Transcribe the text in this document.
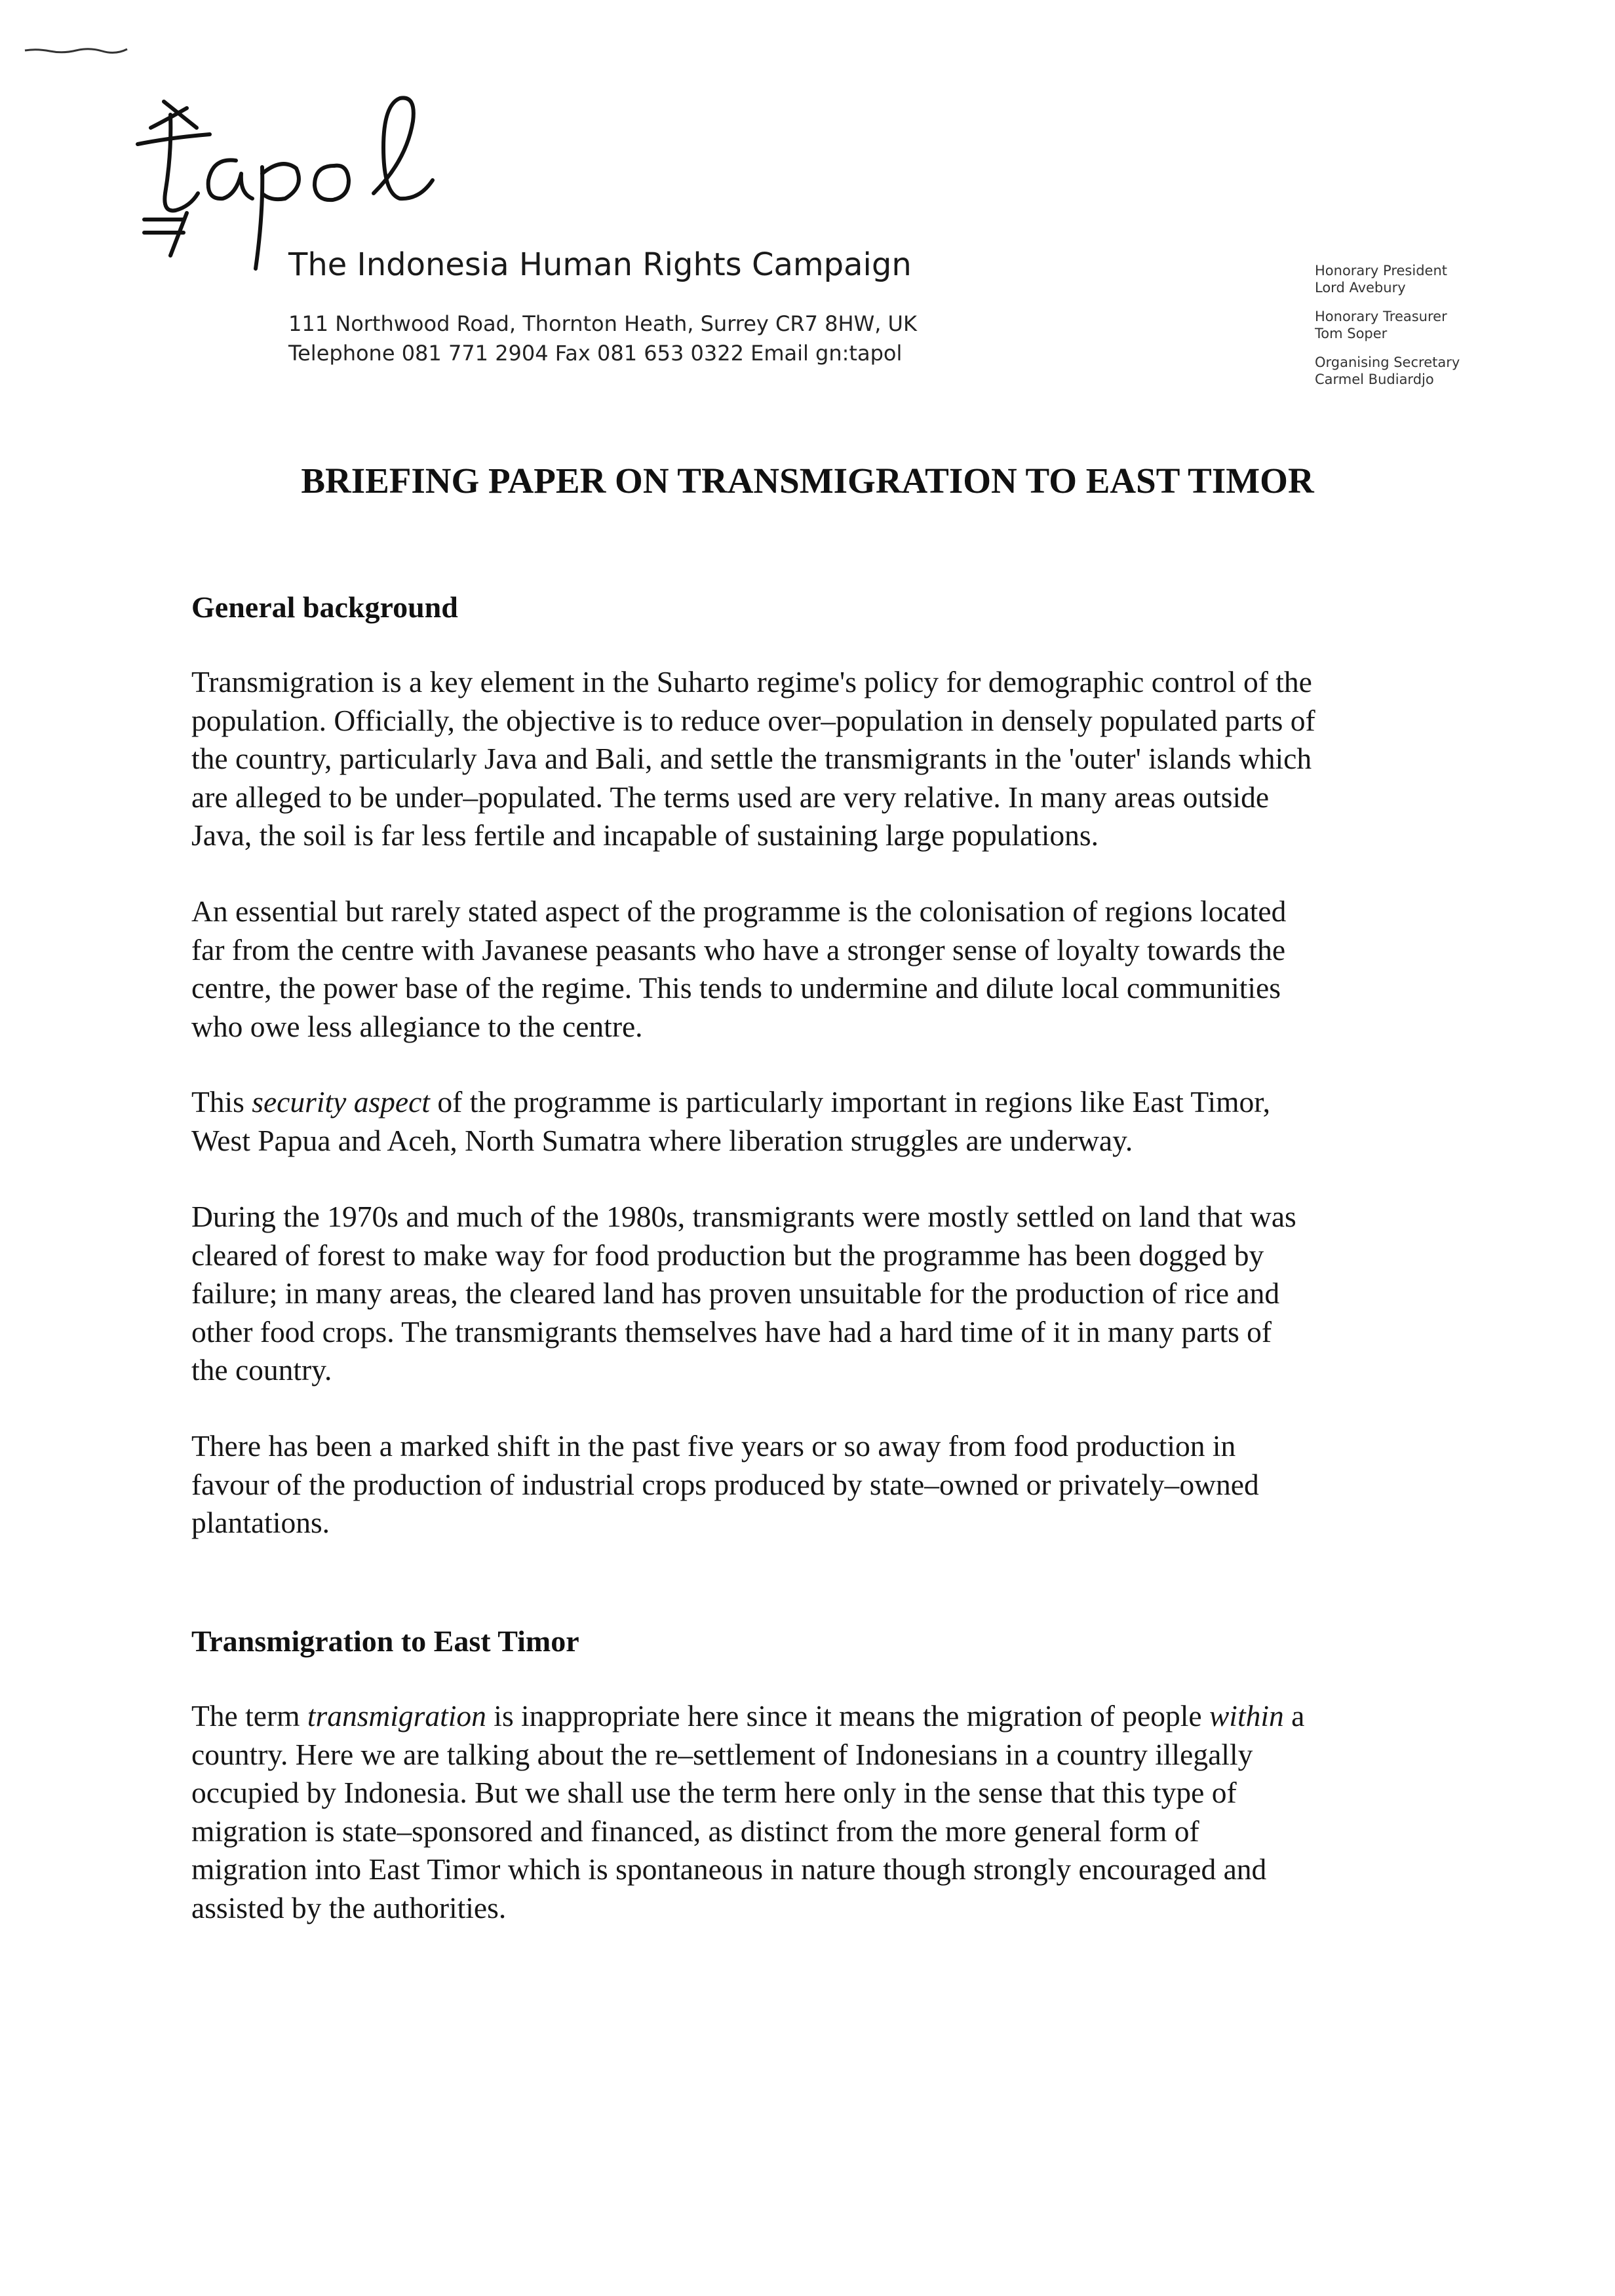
The Indonesia Human Rights Campaign
111 Northwood Road, Thornton Heath, Surrey CR7 8HW, UK
Telephone 081 771 2904 Fax 081 653 0322 Email gn:tapol
Honorary President
Lord Avebury
Honorary Treasurer
Tom Soper
Organising Secretary
Carmel Budiardjo
BRIEFING PAPER ON TRANSMIGRATION TO EAST TIMOR
General background
Transmigration is a key element in the Suharto regime's policy for demographic control of the
population. Officially, the objective is to reduce over–population in densely populated parts of
the country, particularly Java and Bali, and settle the transmigrants in the 'outer' islands which
are alleged to be under–populated. The terms used are very relative. In many areas outside
Java, the soil is far less fertile and incapable of sustaining large populations.
An essential but rarely stated aspect of the programme is the colonisation of regions located
far from the centre with Javanese peasants who have a stronger sense of loyalty towards the
centre, the power base of the regime. This tends to undermine and dilute local communities
who owe less allegiance to the centre.
This security aspect of the programme is particularly important in regions like East Timor,
West Papua and Aceh, North Sumatra where liberation struggles are underway.
During the 1970s and much of the 1980s, transmigrants were mostly settled on land that was
cleared of forest to make way for food production but the programme has been dogged by
failure; in many areas, the cleared land has proven unsuitable for the production of rice and
other food crops. The transmigrants themselves have had a hard time of it in many parts of
the country.
There has been a marked shift in the past five years or so away from food production in
favour of the production of industrial crops produced by state–owned or privately–owned
plantations.
Transmigration to East Timor
The term transmigration is inappropriate here since it means the migration of people within a
country. Here we are talking about the re–settlement of Indonesians in a country illegally
occupied by Indonesia. But we shall use the term here only in the sense that this type of
migration is state–sponsored and financed, as distinct from the more general form of
migration into East Timor which is spontaneous in nature though strongly encouraged and
assisted by the authorities.
